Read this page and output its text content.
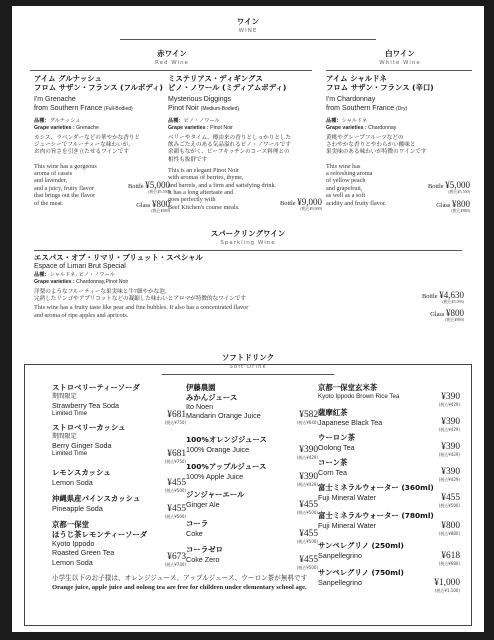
ワイン
WINE
赤ワイン
Red Wine
白ワイン
White Wine
アイム グルナッシュ
フロム サザン・フランス (フルボディ)
I'm Grenache
from Southern France (Full-Bodied)
品種：グルナッシュ
Grape varieties : Grenache
カシス、ラベンダーなどの華やかな香りと
ジューシーでフルーティーな味わいが、
お肉の旨さを引き立たせるワインです
This wine has a gorgeous
aroma of cassis
and lavender,
and a juicy, fruity flavor
that brings out the flavor
of the meat.
Bottle ¥5,000
(税込¥5,500)
Glass ¥800
(税込¥880)
ミステリアス・ディギングス
ピノ・ノワール (ミディアムボディ)
Mysterious Diggings
Pinot Noir (Medium-Bodied)
品種：ピノ・ノワール
Grape varieties : Pinot Noir
ベリーやタイム、樽由来の香りとしっかりとした
飲みごたえのある気品溢れるピノ・ノワールです
余韻もながく、ビーフキッチンのコース料理との
相性も抜群です
This is an elegant Pinot Noir
with aromas of berries, thyme,
and barrels, and a firm and satisfying drink.
It has a long aftertaste and
goes perfectly with
Beef Kitchen's course meals.
Bottle ¥9,000
(税込¥9,900)
アイム シャルドネ
フロム サザン・フランス (辛口)
I'm Chardonnay
from Southern France (Dry)
品種：シャルドネ
Grape varieties : Chardonnay
黄桃やグレープフルーツなどの
さわやかな香りとやわらかい酸味と
果実味のある味わいが特徴のワインです
This wine has
a refreshing aroma
of yellow peach
and grapefruit,
as well as a soft
acidity and fruity flavor.
Bottle ¥5,000
(税込¥5,500)
Glass ¥800
(税込¥880)
スパークリングワイン
Sparkling Wine
エスパス・オブ・リマリ・ブリュット・スペシャル
Espace of Limari Brut Special
品種：シャルドネ, ピノ・ノワール
Grape varieties : Chardonnay,Pinot Noir
洋梨のようなフルーティーな果実味と牛ﾏ細やかな泡。
完熟したリンゴやアプリコットなどの凝縮した味わいとアロマが特徴的なワインです
This wine has a fruity taste like pear and fine bubbles. It also has a concentrated flavor
and aroma of ripe apples and apricots.
Bottle ¥4,630
(税込¥5,093)
Glass ¥800
(税込¥880)
ソフトドリンク
Soft Drink
ストロベリーティーソーダ
期間限定
Strawberry Tea Soda
Limited Time	¥681
(税込¥750)
ストロベリーカッシュ
期間限定
Berry Ginger Soda
Limited Time	¥681
(税込¥750)
レモンスカッシュ
Lemon Soda	¥455
(税込¥500)
沖縄県産パインスカッシュ
Pineapple Soda	¥455
(税込¥500)
京都一保堂
ほうじ茶レモンティーソーダ
Kyoto Ippodo
Roasted Green Tea
Lemon Soda
¥673
(税込¥740)
伊藤農園
みかんジュース
Ito Noen
Mandarin Orange Juice	¥582
(税込¥640)
100%オレンジジュース
100% Orange Juice	¥390
(税込¥429)
100%アップルジュース
100% Apple Juice	¥390
(税込¥429)
ジンジャーエール
Ginger Ale	¥455
(税込¥500)
コーラ
Coke	¥455
(税込¥500)
コーラゼロ
Coke Zero	¥455
(税込¥500)
京都一保堂玄米茶
Kyoto Ippodo Brown Rice Tea	¥390
(税込¥429)
薩摩紅茶
Japanese Black Tea	¥390
(税込¥429)
ウーロン茶
Oolong Tea	¥390
(税込¥429)
コーン茶
Corn Tea	¥390
(税込¥429)
富士ミネラルウォーター (360ml)
Fuji Mineral Water	¥455
(税込¥500)
富士ミネラルウォーター (780ml)
Fuji Mineral Water	¥800
(税込¥880)
サンペレグリノ (250ml)
Sanpellegrino	¥618
(税込¥680)
サンペレグリノ (750ml)
Sanpellegrino	¥1,000
(税込¥1,100)
小学生以下のお子様は、オレンジジュース、アップルジュース、ウーロン茶が無料です
Orange juice, apple juice and oolong tea are free for children under elementary school age.
